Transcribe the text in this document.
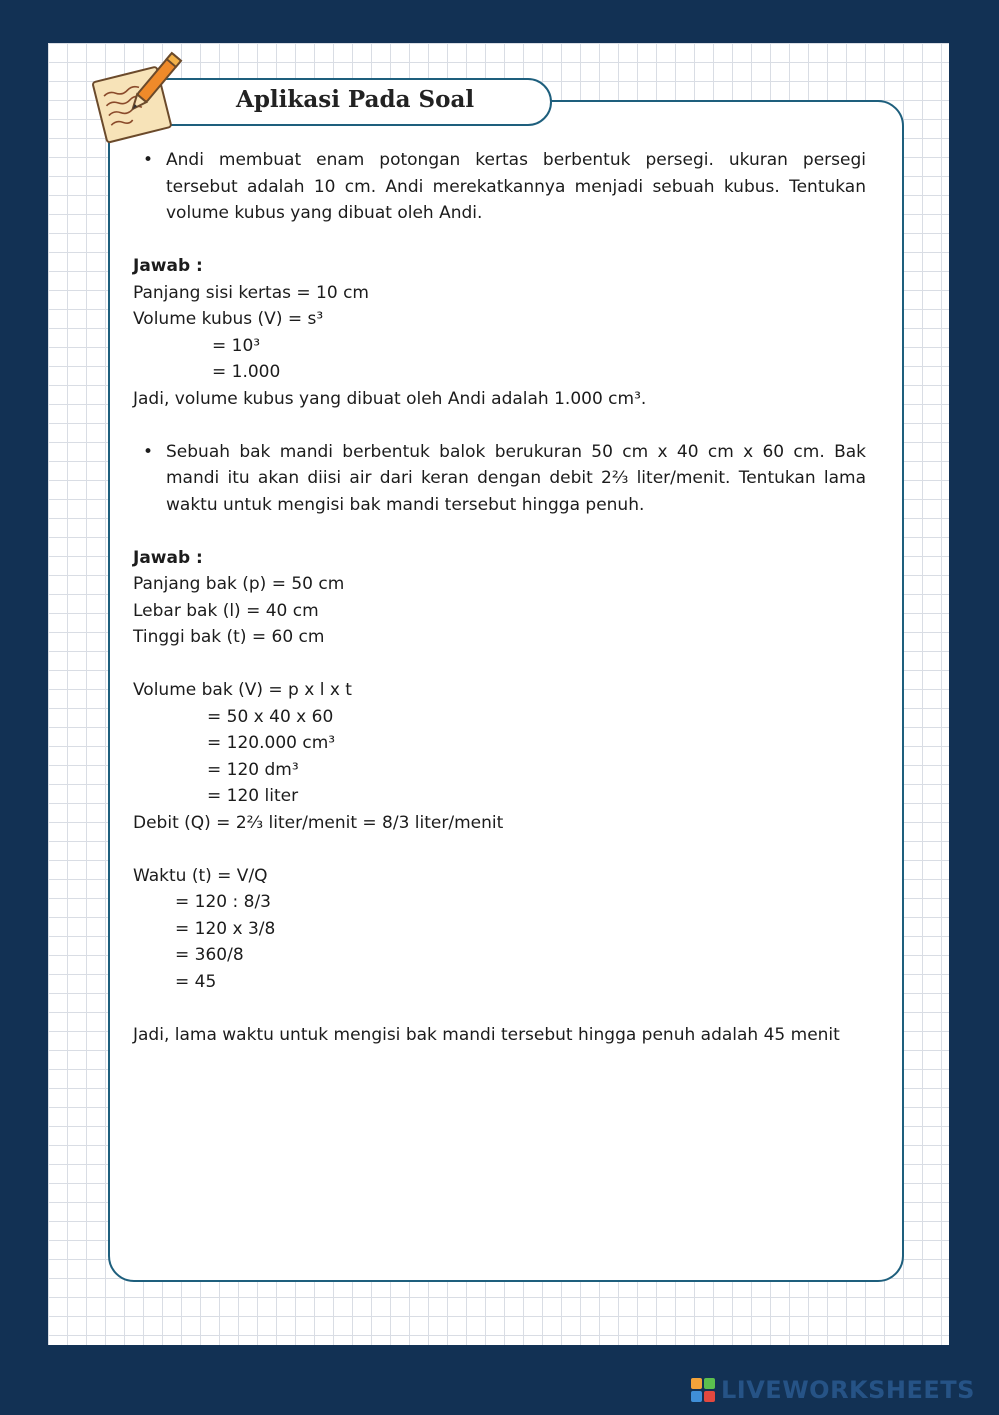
Aplikasi Pada Soal

• Andi membuat enam potongan kertas berbentuk persegi. ukuran persegi tersebut adalah 10 cm. Andi merekatkannya menjadi sebuah kubus. Tentukan volume kubus yang dibuat oleh Andi.

Jawab :

Panjang sisi kertas = 10 cm

Volume kubus (V) = s³

= 10³

= 1.000

Jadi, volume kubus yang dibuat oleh Andi adalah 1.000 cm³.

• Sebuah bak mandi berbentuk balok berukuran 50 cm x 40 cm x 60 cm. Bak mandi itu akan diisi air dari keran dengan debit 2⅔ liter/menit. Tentukan lama waktu untuk mengisi bak mandi tersebut hingga penuh.

Jawab :

Panjang bak (p) = 50 cm

Lebar bak (l) = 40 cm

Tinggi bak (t) = 60 cm

Volume bak (V) = p x l x t

= 50 x 40 x 60

= 120.000 cm³

= 120 dm³

= 120 liter

Debit (Q) = 2⅔ liter/menit = 8/3 liter/menit

Waktu (t) = V/Q

= 120 : 8/3

= 120 x 3/8

= 360/8

= 45

Jadi, lama waktu untuk mengisi bak mandi tersebut hingga penuh adalah 45 menit

LIVEWORKSHEETS
